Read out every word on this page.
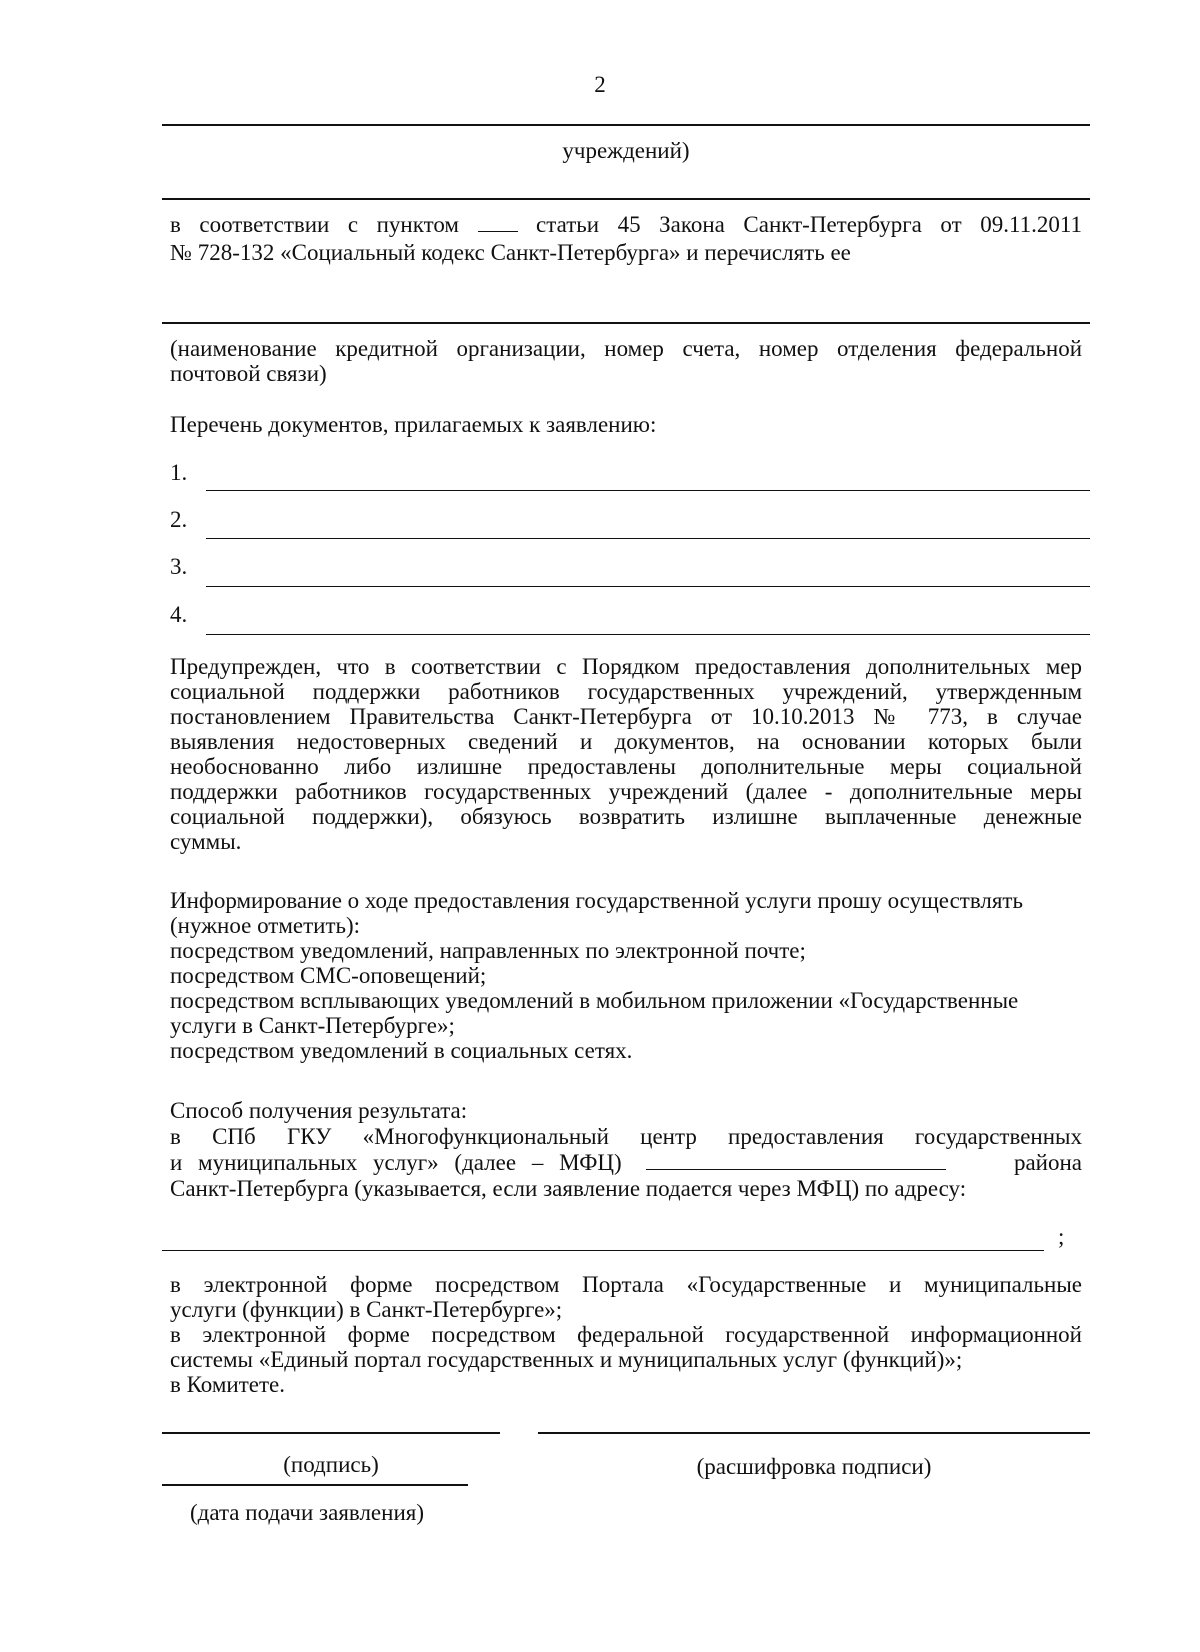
2
учреждений)
в соответствии с пунктом	статьи 45 Закона Санкт-Петербурга от 09.11.2011
№ 728-132 «Социальный кодекс Санкт-Петербурга» и перечислять ее
(наименование кредитной организации, номер счета, номер отделения федеральной почтовой связи)
Перечень документов, прилагаемых к заявлению:
1.
2.
3.
4.
Предупрежден, что в соответствии с Порядком предоставления дополнительных мер
социальной поддержки работников государственных учреждений, утвержденным
постановлением Правительства Санкт-Петербурга от 10.10.2013 № 773, в случае
выявления недостоверных сведений и документов, на основании которых были
необоснованно либо излишне предоставлены дополнительные меры социальной
поддержки работников государственных учреждений (далее - дополнительные меры
социальной поддержки), обязуюсь возвратить излишне выплаченные денежные
суммы.
Информирование о ходе предоставления государственной услуги прошу осуществлять
(нужное отметить):
посредством уведомлений, направленных по электронной почте;
посредством СМС-оповещений;
посредством всплывающих уведомлений в мобильном приложении «Государственные
услуги в Санкт-Петербурге»;
посредством уведомлений в социальных сетях.
Способ получения результата:
в СПб ГКУ «Многофункциональный центр предоставления государственных
и муниципальных услуг» (далее – МФЦ)	района
Санкт-Петербурга (указывается, если заявление подается через МФЦ) по адресу:
;
в электронной форме посредством Портала «Государственные и муниципальные
услуги (функции) в Санкт-Петербурге»;
в электронной форме посредством федеральной государственной информационной
системы «Единый портал государственных и муниципальных услуг (функций)»;
в Комитете.
(подпись)	(расшифровка подписи)
(дата подачи заявления)
